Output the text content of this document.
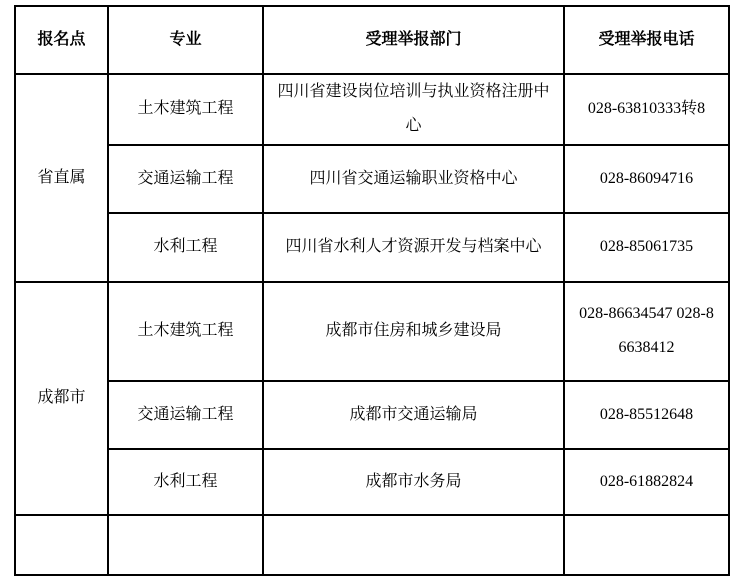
报名点	专业	受理举报部门	受理举报电话
省直属	土木建筑工程	四川省建设岗位培训与执业资格注册中心	028-63810333转8
	交通运输工程	四川省交通运输职业资格中心	028-86094716
	水利工程	四川省水利人才资源开发与档案中心	028-85061735
成都市	土木建筑工程	成都市住房和城乡建设局	028-86634547 028-86638412
	交通运输工程	成都市交通运输局	028-85512648
	水利工程	成都市水务局	028-61882824
